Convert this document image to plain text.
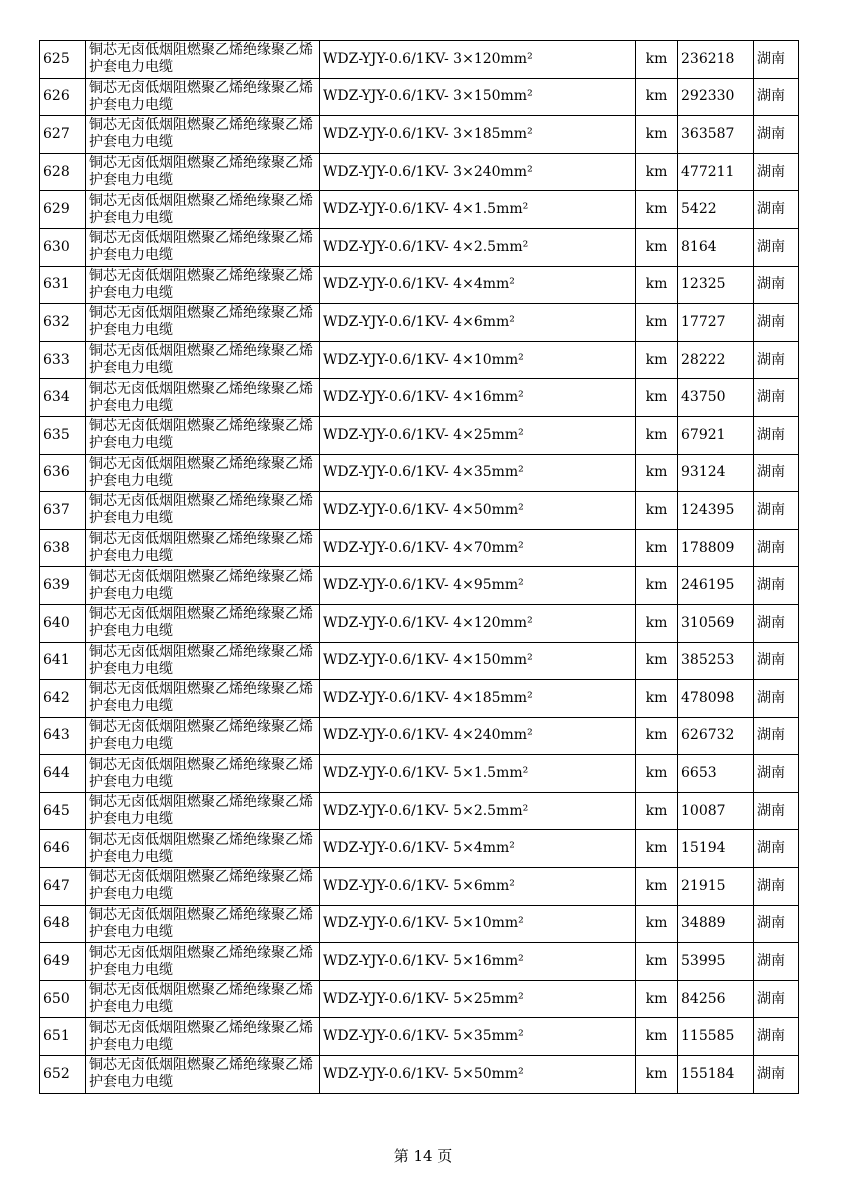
625	铜芯无卤低烟阻燃聚乙烯绝缘聚乙烯护套电力电缆	WDZ-YJY-0.6/1KV- 3×120mm²	km	236218	湖南
626	铜芯无卤低烟阻燃聚乙烯绝缘聚乙烯护套电力电缆	WDZ-YJY-0.6/1KV- 3×150mm²	km	292330	湖南
627	铜芯无卤低烟阻燃聚乙烯绝缘聚乙烯护套电力电缆	WDZ-YJY-0.6/1KV- 3×185mm²	km	363587	湖南
628	铜芯无卤低烟阻燃聚乙烯绝缘聚乙烯护套电力电缆	WDZ-YJY-0.6/1KV- 3×240mm²	km	477211	湖南
629	铜芯无卤低烟阻燃聚乙烯绝缘聚乙烯护套电力电缆	WDZ-YJY-0.6/1KV- 4×1.5mm²	km	5422	湖南
630	铜芯无卤低烟阻燃聚乙烯绝缘聚乙烯护套电力电缆	WDZ-YJY-0.6/1KV- 4×2.5mm²	km	8164	湖南
631	铜芯无卤低烟阻燃聚乙烯绝缘聚乙烯护套电力电缆	WDZ-YJY-0.6/1KV- 4×4mm²	km	12325	湖南
632	铜芯无卤低烟阻燃聚乙烯绝缘聚乙烯护套电力电缆	WDZ-YJY-0.6/1KV- 4×6mm²	km	17727	湖南
633	铜芯无卤低烟阻燃聚乙烯绝缘聚乙烯护套电力电缆	WDZ-YJY-0.6/1KV- 4×10mm²	km	28222	湖南
634	铜芯无卤低烟阻燃聚乙烯绝缘聚乙烯护套电力电缆	WDZ-YJY-0.6/1KV- 4×16mm²	km	43750	湖南
635	铜芯无卤低烟阻燃聚乙烯绝缘聚乙烯护套电力电缆	WDZ-YJY-0.6/1KV- 4×25mm²	km	67921	湖南
636	铜芯无卤低烟阻燃聚乙烯绝缘聚乙烯护套电力电缆	WDZ-YJY-0.6/1KV- 4×35mm²	km	93124	湖南
637	铜芯无卤低烟阻燃聚乙烯绝缘聚乙烯护套电力电缆	WDZ-YJY-0.6/1KV- 4×50mm²	km	124395	湖南
638	铜芯无卤低烟阻燃聚乙烯绝缘聚乙烯护套电力电缆	WDZ-YJY-0.6/1KV- 4×70mm²	km	178809	湖南
639	铜芯无卤低烟阻燃聚乙烯绝缘聚乙烯护套电力电缆	WDZ-YJY-0.6/1KV- 4×95mm²	km	246195	湖南
640	铜芯无卤低烟阻燃聚乙烯绝缘聚乙烯护套电力电缆	WDZ-YJY-0.6/1KV- 4×120mm²	km	310569	湖南
641	铜芯无卤低烟阻燃聚乙烯绝缘聚乙烯护套电力电缆	WDZ-YJY-0.6/1KV- 4×150mm²	km	385253	湖南
642	铜芯无卤低烟阻燃聚乙烯绝缘聚乙烯护套电力电缆	WDZ-YJY-0.6/1KV- 4×185mm²	km	478098	湖南
643	铜芯无卤低烟阻燃聚乙烯绝缘聚乙烯护套电力电缆	WDZ-YJY-0.6/1KV- 4×240mm²	km	626732	湖南
644	铜芯无卤低烟阻燃聚乙烯绝缘聚乙烯护套电力电缆	WDZ-YJY-0.6/1KV- 5×1.5mm²	km	6653	湖南
645	铜芯无卤低烟阻燃聚乙烯绝缘聚乙烯护套电力电缆	WDZ-YJY-0.6/1KV- 5×2.5mm²	km	10087	湖南
646	铜芯无卤低烟阻燃聚乙烯绝缘聚乙烯护套电力电缆	WDZ-YJY-0.6/1KV- 5×4mm²	km	15194	湖南
647	铜芯无卤低烟阻燃聚乙烯绝缘聚乙烯护套电力电缆	WDZ-YJY-0.6/1KV- 5×6mm²	km	21915	湖南
648	铜芯无卤低烟阻燃聚乙烯绝缘聚乙烯护套电力电缆	WDZ-YJY-0.6/1KV- 5×10mm²	km	34889	湖南
649	铜芯无卤低烟阻燃聚乙烯绝缘聚乙烯护套电力电缆	WDZ-YJY-0.6/1KV- 5×16mm²	km	53995	湖南
650	铜芯无卤低烟阻燃聚乙烯绝缘聚乙烯护套电力电缆	WDZ-YJY-0.6/1KV- 5×25mm²	km	84256	湖南
651	铜芯无卤低烟阻燃聚乙烯绝缘聚乙烯护套电力电缆	WDZ-YJY-0.6/1KV- 5×35mm²	km	115585	湖南
652	铜芯无卤低烟阻燃聚乙烯绝缘聚乙烯护套电力电缆	WDZ-YJY-0.6/1KV- 5×50mm²	km	155184	湖南
第 14 页
